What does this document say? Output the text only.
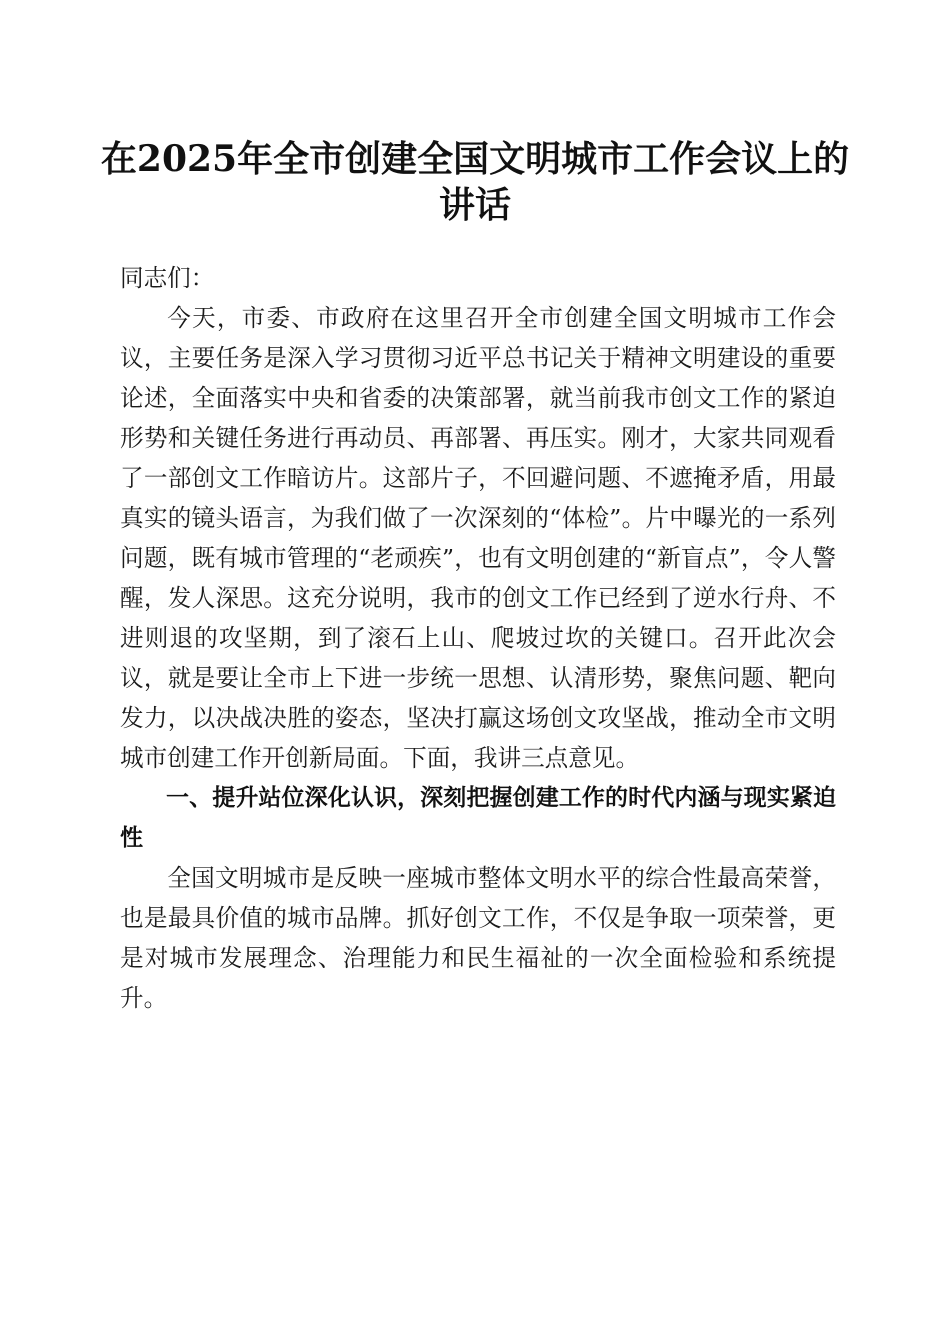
在2025年全市创建全国文明城市工作会议上的讲话

同志们：

今天，市委、市政府在这里召开全市创建全国文明城市工作会议，主要任务是深入学习贯彻习近平总书记关于精神文明建设的重要论述，全面落实中央和省委的决策部署，就当前我市创文工作的紧迫形势和关键任务进行再动员、再部署、再压实。刚才，大家共同观看了一部创文工作暗访片。这部片子，不回避问题、不遮掩矛盾，用最真实的镜头语言，为我们做了一次深刻的“体检”。片中曝光的一系列问题，既有城市管理的“老顽疾”，也有文明创建的“新盲点”，令人警醒，发人深思。这充分说明，我市的创文工作已经到了逆水行舟、不进则退的攻坚期，到了滚石上山、爬坡过坎的关键口。召开此次会议，就是要让全市上下进一步统一思想、认清形势，聚焦问题、靶向发力，以决战决胜的姿态，坚决打赢这场创文攻坚战，推动全市文明城市创建工作开创新局面。下面，我讲三点意见。

一、提升站位深化认识，深刻把握创建工作的时代内涵与现实紧迫性

全国文明城市是反映一座城市整体文明水平的综合性最高荣誉，也是最具价值的城市品牌。抓好创文工作，不仅是争取一项荣誉，更是对城市发展理念、治理能力和民生福祉的一次全面检验和系统提升。
